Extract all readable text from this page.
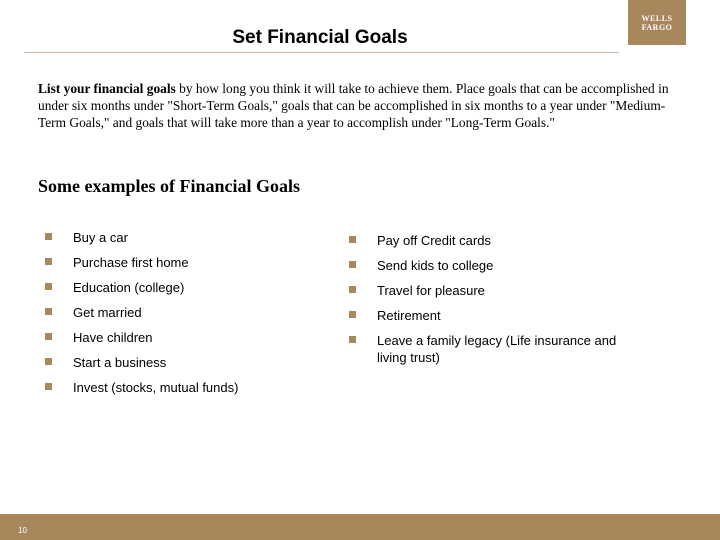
Set Financial Goals
WELLS
FARGO
List your financial goals by how long you think it will take to achieve them. Place goals that can be accomplished in under six months under "Short-Term Goals," goals that can be accomplished in six months to a year under "Medium-Term Goals," and goals that will take more than a year to accomplish under "Long-Term Goals."
Some examples of Financial Goals
Buy a car
Purchase first home
Education (college)
Get married
Have children
Start a business
Invest (stocks, mutual funds)
Pay off Credit cards
Send kids to college
Travel for pleasure
Retirement
Leave a family legacy (Life insurance and living trust)
10
